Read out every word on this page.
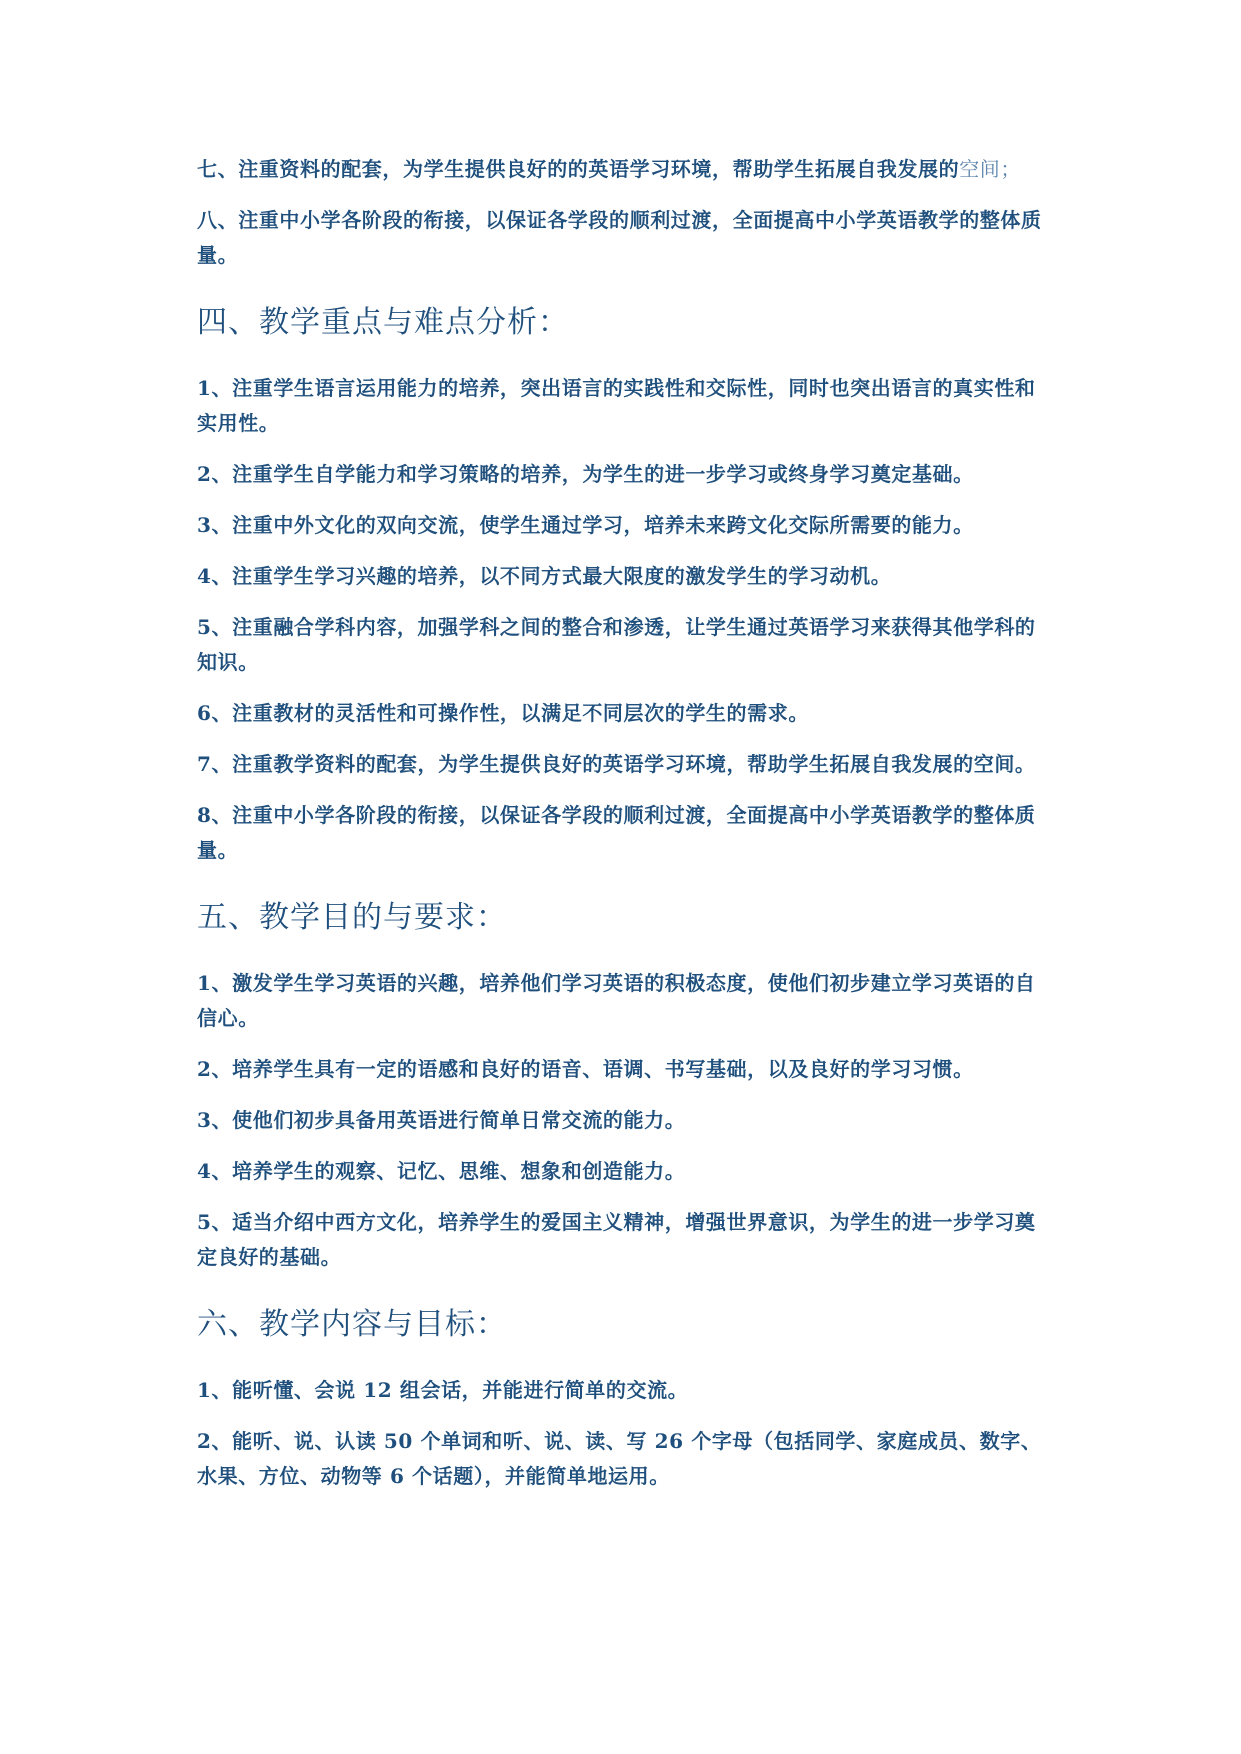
七、注重资料的配套，为学生提供良好的的英语学习环境，帮助学生拓展自我发展的空间；

八、注重中小学各阶段的衔接，以保证各学段的顺利过渡，全面提高中小学英语教学的整体质量。

四、教学重点与难点分析：

1、注重学生语言运用能力的培养，突出语言的实践性和交际性，同时也突出语言的真实性和实用性。

2、注重学生自学能力和学习策略的培养，为学生的进一步学习或终身学习奠定基础。

3、注重中外文化的双向交流，使学生通过学习，培养未来跨文化交际所需要的能力。

4、注重学生学习兴趣的培养，以不同方式最大限度的激发学生的学习动机。

5、注重融合学科内容，加强学科之间的整合和渗透，让学生通过英语学习来获得其他学科的知识。

6、注重教材的灵活性和可操作性，以满足不同层次的学生的需求。

7、注重教学资料的配套，为学生提供良好的英语学习环境，帮助学生拓展自我发展的空间。

8、注重中小学各阶段的衔接，以保证各学段的顺利过渡，全面提高中小学英语教学的整体质量。

五、教学目的与要求：

1、激发学生学习英语的兴趣，培养他们学习英语的积极态度，使他们初步建立学习英语的自信心。

2、培养学生具有一定的语感和良好的语音、语调、书写基础，以及良好的学习习惯。

3、使他们初步具备用英语进行简单日常交流的能力。

4、培养学生的观察、记忆、思维、想象和创造能力。

5、适当介绍中西方文化，培养学生的爱国主义精神，增强世界意识，为学生的进一步学习奠定良好的基础。

六、教学内容与目标：

1、能听懂、会说 12 组会话，并能进行简单的交流。

2、能听、说、认读 50 个单词和听、说、读、写 26 个字母（包括同学、家庭成员、数字、水果、方位、动物等 6 个话题），并能简单地运用。
